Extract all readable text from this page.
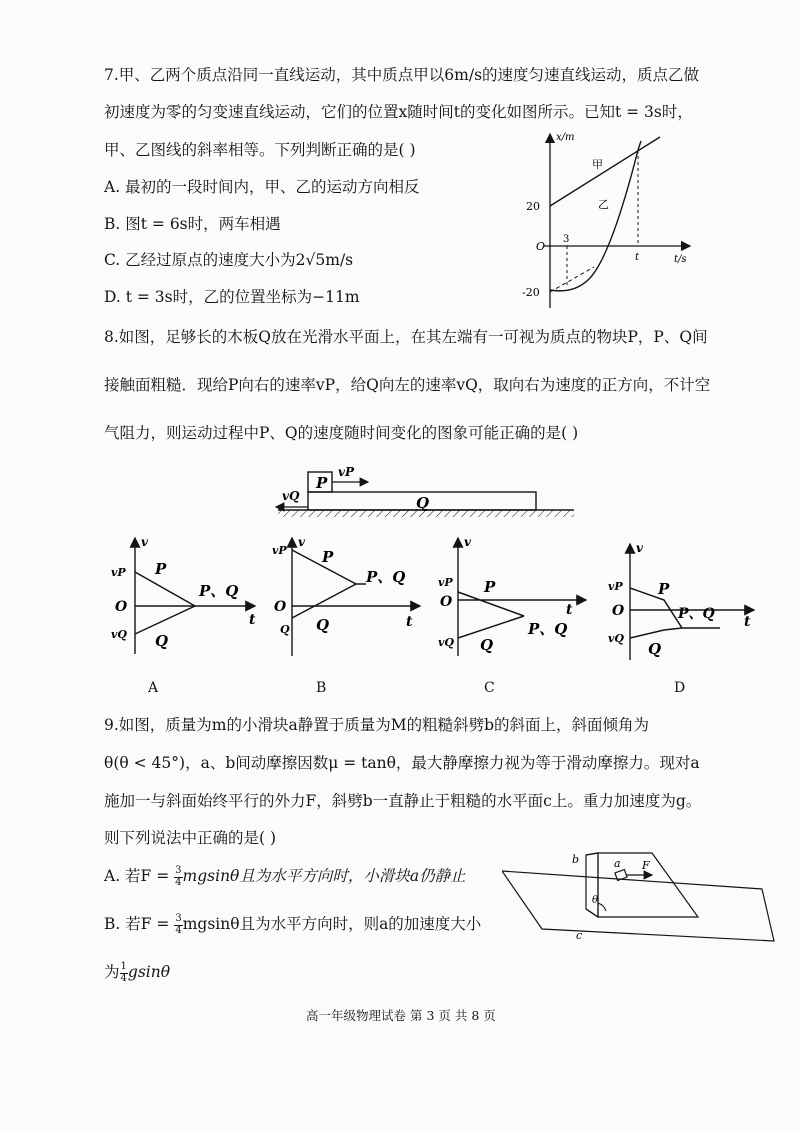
7.甲、乙两个质点沿同一直线运动，其中质点甲以6m/s的速度匀速直线运动，质点乙做
初速度为零的匀变速直线运动，它们的位置x随时间t的变化如图所示。已知t = 3s时，
甲、乙图线的斜率相等。下列判断正确的是( )
A. 最初的一段时间内，甲、乙的运动方向相反
B. 图t = 6s时，两车相遇
C. 乙经过原点的速度大小为2√5m/s
D. t = 3s时，乙的位置坐标为−11m
x/m
t/s
O
20
-20
3
t
甲
乙
8.如图，足够长的木板Q放在光滑水平面上，在其左端有一可视为质点的物块P，P、Q间
接触面粗糙．现给P向右的速率vP，给Q向左的速率vQ，取向右为速度的正方向，不计空
气阻力，则运动过程中P、Q的速度随时间变化的图象可能正确的是( )
P
Q
vP
vQ
v
t
O
vP
vQ
P
Q
P、Q
A
v
t
O
vP
Q
P
Q
P、Q
B
v
t
O
vP
vQ
P
Q
P、Q
C
v
t
O
vP
vQ
P
Q
P、Q
D
9.如图，质量为m的小滑块a静置于质量为M的粗糙斜劈b的斜面上，斜面倾角为
θ(θ < 45°)，a、b间动摩擦因数μ = tanθ，最大静摩擦力视为等于滑动摩擦力。现对a
施加一与斜面始终平行的外力F，斜劈b一直静止于粗糙的水平面c上。重力加速度为g。
则下列说法中正确的是( )
A. 若$F = \frac{3}{4}$ mgsinθ且为水平方向时，小滑块a仍静止
B. 若$F = \frac{3}{4}$ mgsinθ且为水平方向时，则a的加速度大小
为 $\frac{1}{4}$ gsinθ
b	a F
θ
c
高一年级物理试卷 第 3 页 共 8 页
